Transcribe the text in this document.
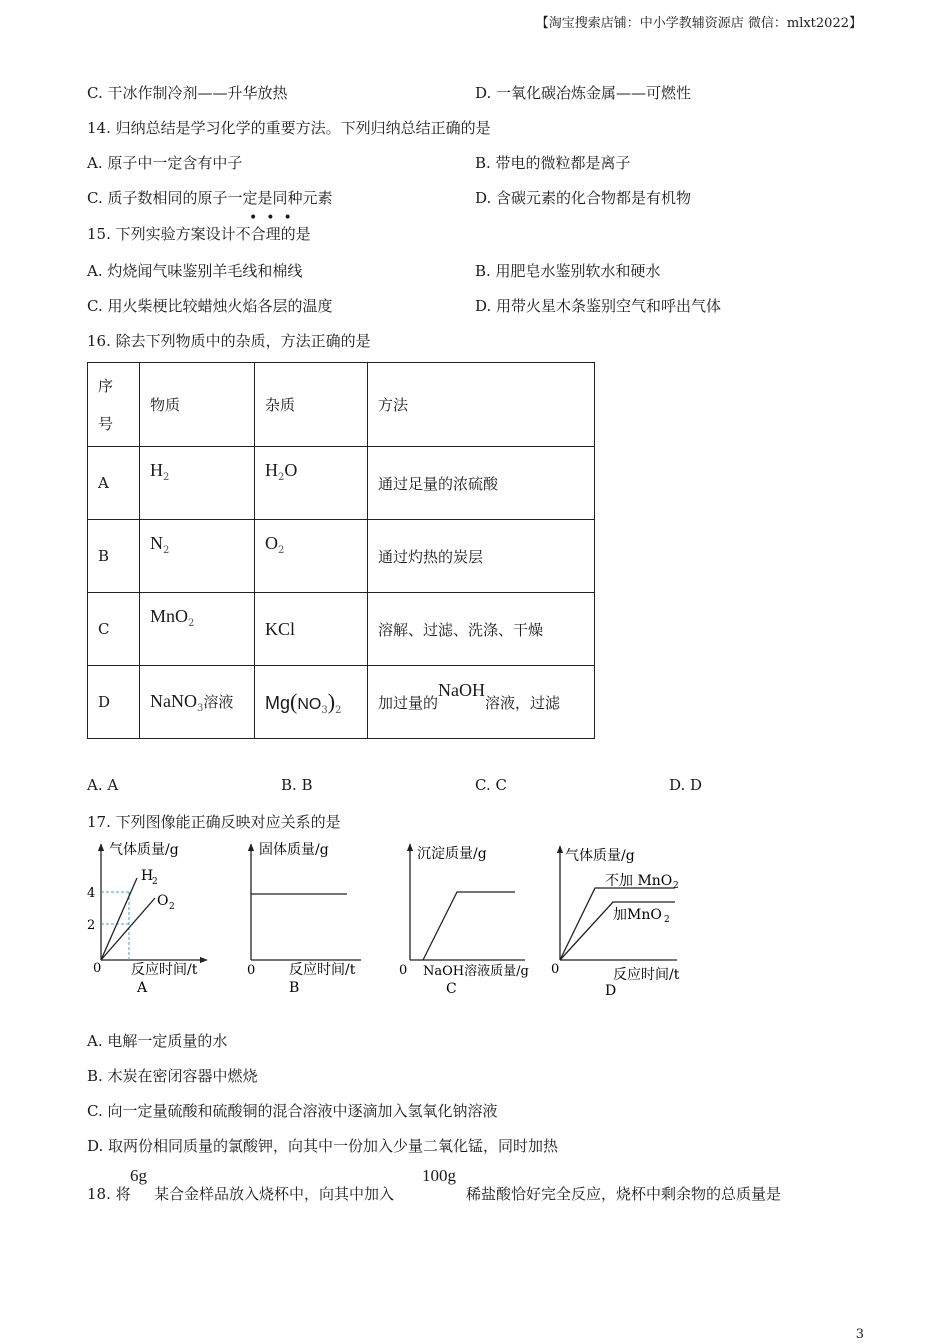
【淘宝搜索店铺：中小学教辅资源店 微信：mlxt2022】
C. 干冰作制冷剂——升华放热	D. 一氧化碳冶炼金属——可燃性
14. 归纳总结是学习化学的重要方法。下列归纳总结正确的是
A. 原子中一定含有中子	B. 带电的微粒都是离子
C. 质子数相同的原子一定是同种元素	D. 含碳元素的化合物都是有机物
•••
15. 下列实验方案设计不合理的是
A. 灼烧闻气味鉴别羊毛线和棉线	B. 用肥皂水鉴别软水和硬水
C. 用火柴梗比较蜡烛火焰各层的温度	D. 用带火星木条鉴别空气和呼出气体
16. 除去下列物质中的杂质，方法正确的是
序
号	物质	杂质	方法
A	$H_2$	$H_2O$	通过足量的浓硫酸
B	$N_2$	$O_2$	通过灼热的炭层
C	MnO$_2$	KCl	溶解、过滤、洗涤、干燥
D	NaNO$_3$溶液	$Mg(NO_3)_2$	加过量的NaOH溶液，过滤
A. A	B. B	C. C	D. D
17. 下列图像能正确反映对应关系的是
气体质量/g
4
2
0
H
2
O 2
反应时间/t
A
固体质量/g
0 反应时间/t
B
沉淀质量/g
0 NaOH溶液质量/g
C
气体质量/g
不加 MnO 2
加MnO 2
0	反应时间/t
D
A. 电解一定质量的水
B. 木炭在密闭容器中燃烧
C. 向一定量硫酸和硫酸铜的混合溶液中逐滴加入氢氧化钠溶液
D. 取两份相同质量的氯酸钾，向其中一份加入少量二氧化锰，同时加热
18. 将
6g
某合金样品放入烧杯中，向其中加入
100g
稀盐酸恰好完全反应，烧杯中剩余物的总质量是
3
